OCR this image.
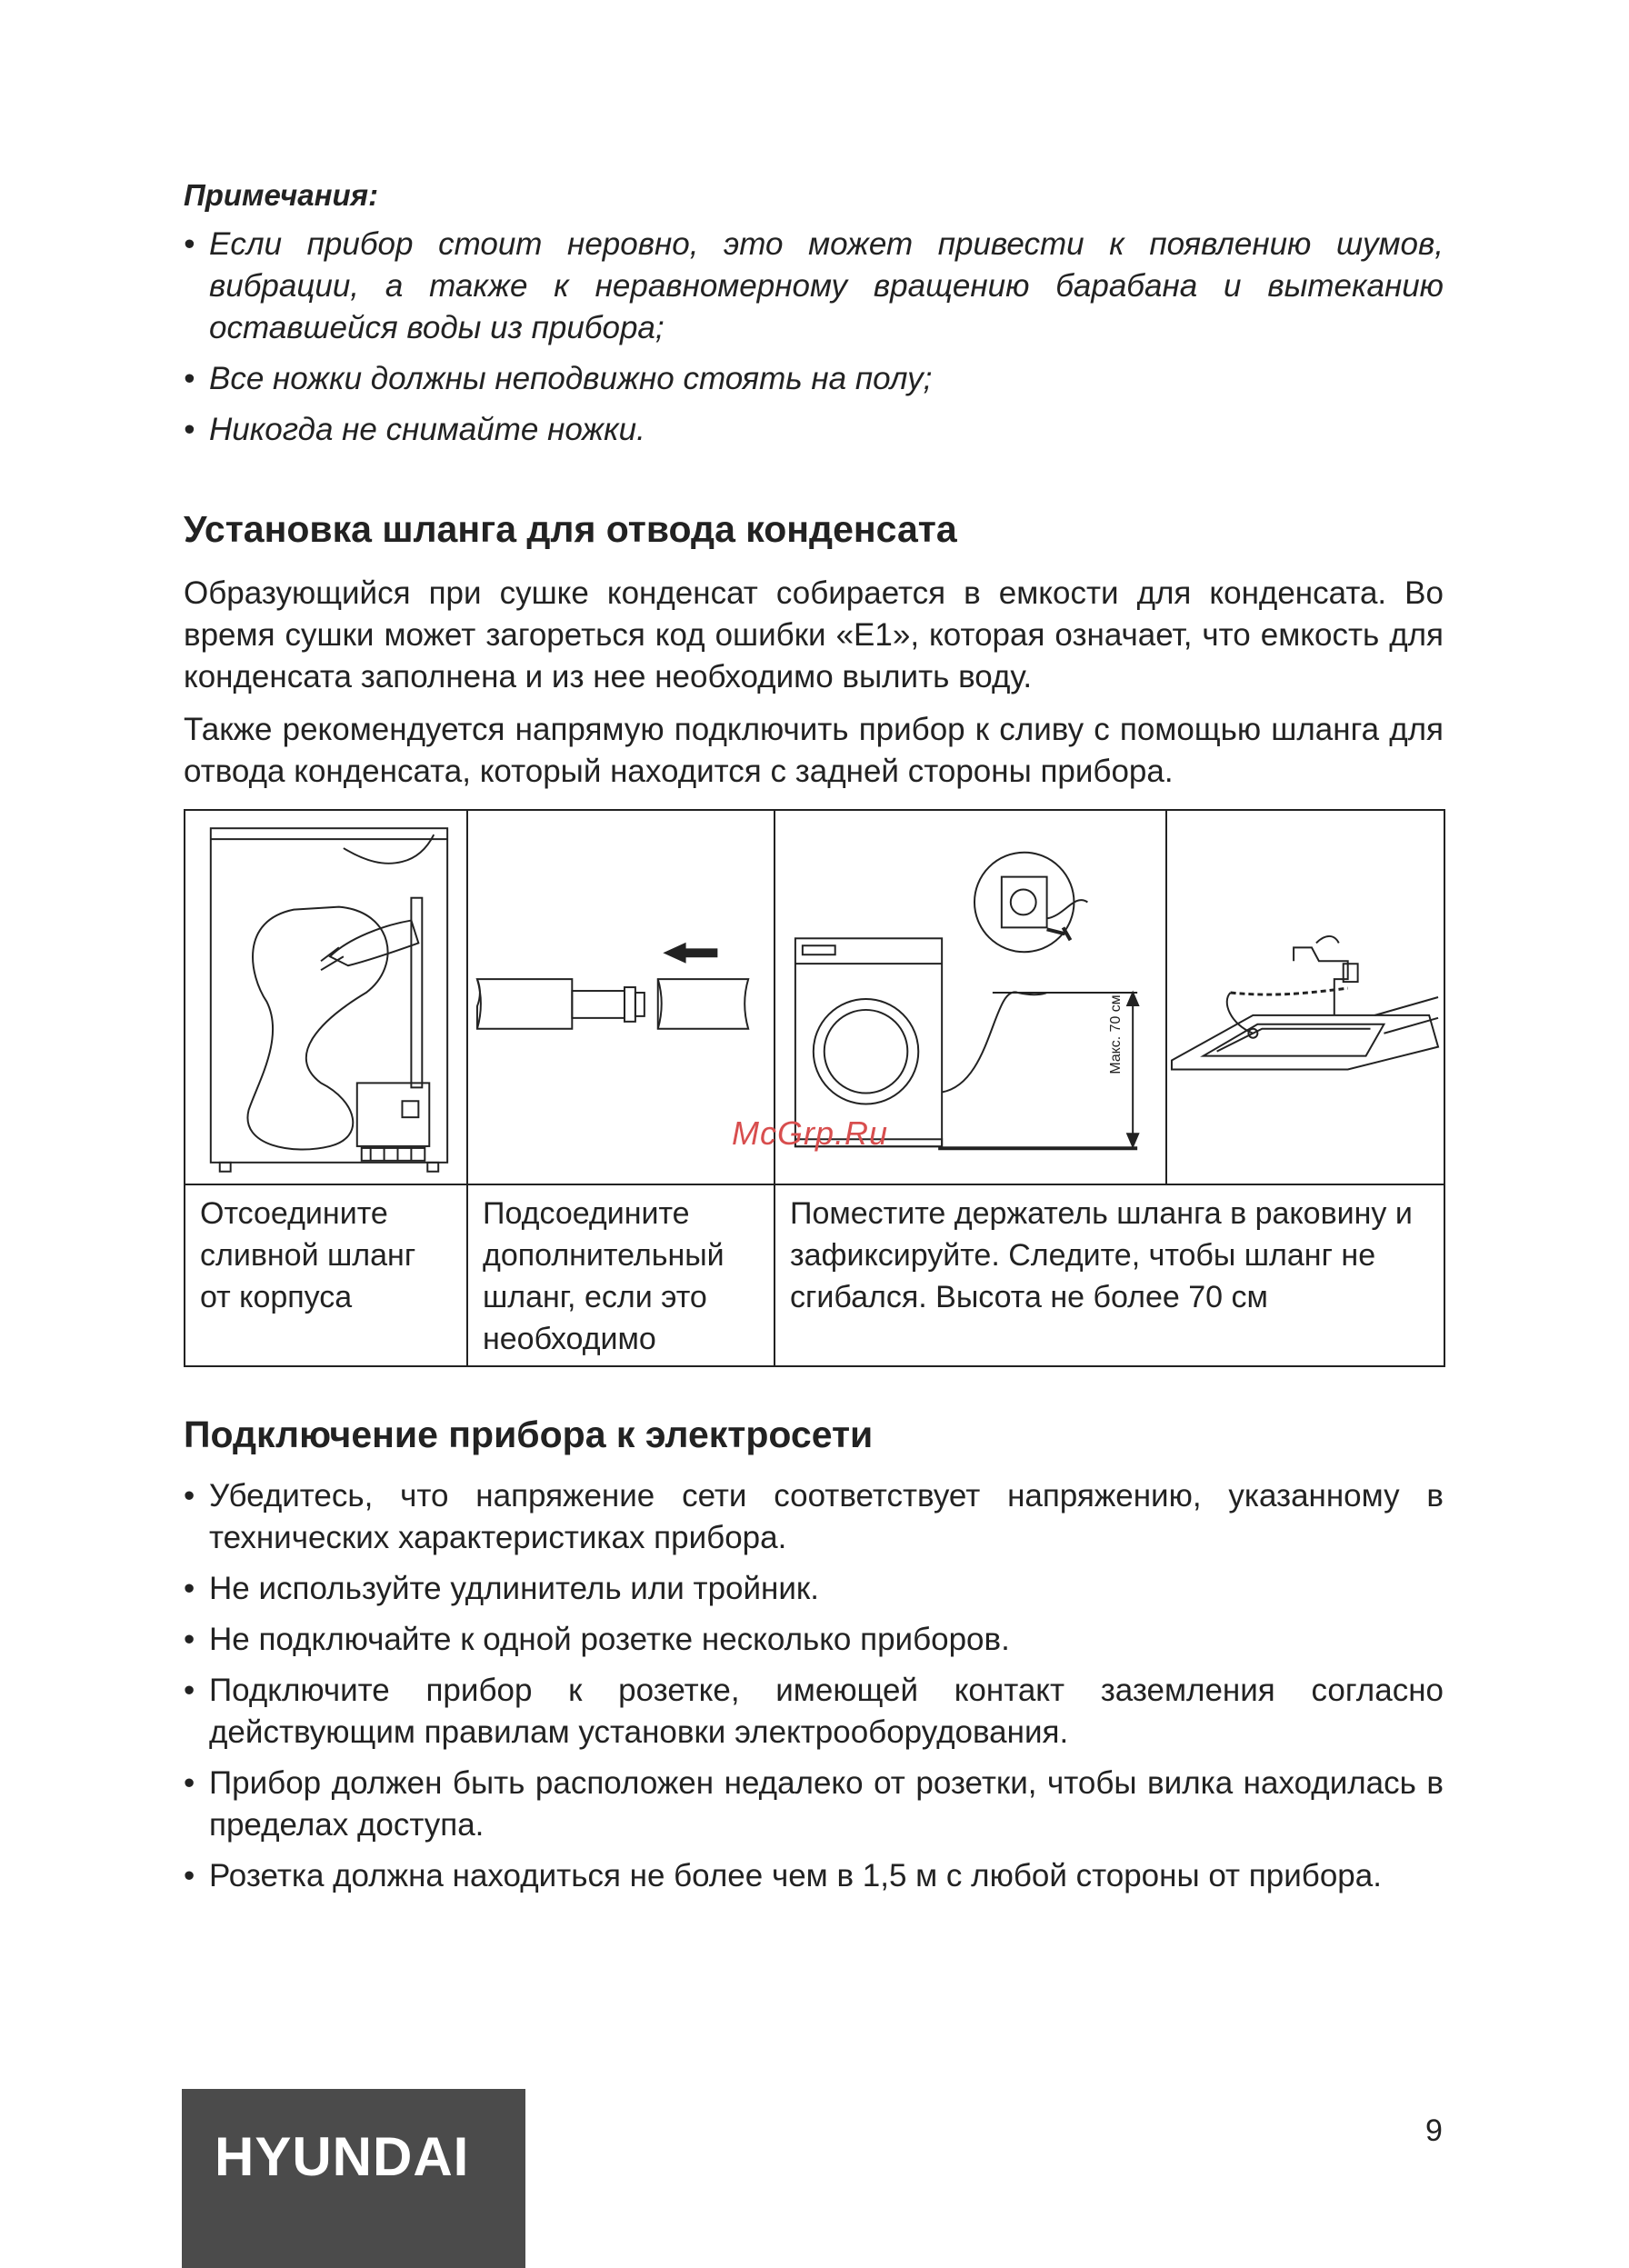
Примечания:
• Если прибор стоит неровно, это может привести к появлению шумов, вибрации, а также к неравномерному вращению барабана и вытеканию оставшейся воды из прибора;
• Все ножки должны неподвижно стоять на полу;
• Никогда не снимайте ножки.
Установка шланга для отвода конденсата

Образующийся при сушке конденсат собирается в емкости для конденсата. Во время сушки может загореться код ошибки «E1», которая означает, что емкость для конденсата заполнена и из нее необходимо вылить воду.

Также рекомендуется напрямую подключить прибор к сливу с помощью шланга для отвода конденсата, который находится с задней стороны прибора.

Макс. 70 см

Отсоедините сливной шланг от корпуса	Подсоедините дополнительный шланг, если это необходимо	Поместите держатель шланга в раковину и зафиксируйте. Следите, чтобы шланг не сгибался. Высота не более 70 см	
McGrp.Ru
Подключение прибора к электросети
• Убедитесь, что напряжение сети соответствует напряжению, указанному в технических характеристиках прибора.
• Не используйте удлинитель или тройник.
• Не подключайте к одной розетке несколько приборов.
• Подключите прибор к розетке, имеющей контакт заземления согласно действующим правилам установки электрооборудования.
• Прибор должен быть расположен недалеко от розетки, чтобы вилка находилась в пределах доступа.
• Розетка должна находиться не более чем в 1,5 м с любой стороны от прибора.
HYUNDAI	9
